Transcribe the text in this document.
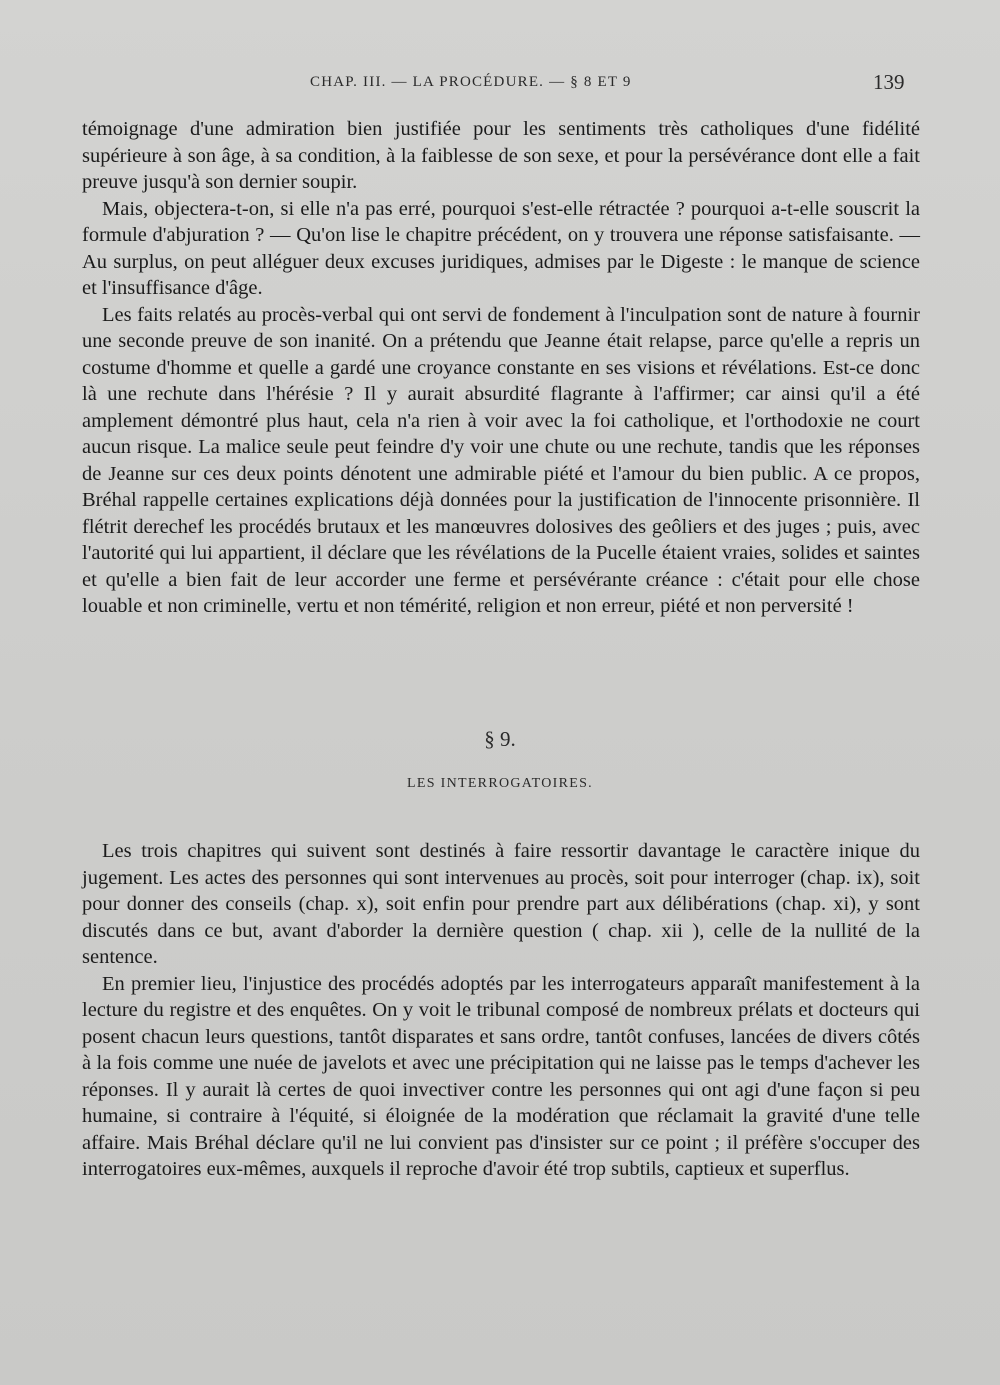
CHAP. III. — LA PROCÉDURE. — § 8 ET 9	139

témoignage d'une admiration bien justifiée pour les sentiments très catholiques d'une fidélité supérieure à son âge, à sa condition, à la faiblesse de son sexe, et pour la persévérance dont elle a fait preuve jusqu'à son dernier soupir.

Mais, objectera-t-on, si elle n'a pas erré, pourquoi s'est-elle rétractée ? pourquoi a-t-elle souscrit la formule d'abjuration ? — Qu'on lise le chapitre précédent, on y trouvera une réponse satisfaisante. — Au surplus, on peut alléguer deux excuses juridiques, admises par le Digeste : le manque de science et l'insuffisance d'âge.

Les faits relatés au procès-verbal qui ont servi de fondement à l'inculpation sont de nature à fournir une seconde preuve de son inanité. On a prétendu que Jeanne était relapse, parce qu'elle a repris un costume d'homme et quelle a gardé une croyance constante en ses visions et révélations. Est-ce donc là une rechute dans l'hérésie ? Il y aurait absurdité flagrante à l'affirmer; car ainsi qu'il a été amplement démontré plus haut, cela n'a rien à voir avec la foi catholique, et l'orthodoxie ne court aucun risque. La malice seule peut feindre d'y voir une chute ou une rechute, tandis que les réponses de Jeanne sur ces deux points dénotent une admirable piété et l'amour du bien public. A ce propos, Bréhal rappelle certaines explications déjà données pour la justification de l'innocente prisonnière. Il flétrit derechef les procédés brutaux et les manœuvres dolosives des geôliers et des juges ; puis, avec l'autorité qui lui appartient, il déclare que les révélations de la Pucelle étaient vraies, solides et saintes et qu'elle a bien fait de leur accorder une ferme et persévérante créance : c'était pour elle chose louable et non criminelle, vertu et non témérité, religion et non erreur, piété et non perversité !

§ 9.
LES INTERROGATOIRES.

Les trois chapitres qui suivent sont destinés à faire ressortir davantage le caractère inique du jugement. Les actes des personnes qui sont intervenues au procès, soit pour interroger (chap. ix), soit pour donner des conseils (chap. x), soit enfin pour prendre part aux délibérations (chap. xi), y sont discutés dans ce but, avant d'aborder la dernière question ( chap. xii ), celle de la nullité de la sentence.

En premier lieu, l'injustice des procédés adoptés par les interrogateurs apparaît manifestement à la lecture du registre et des enquêtes. On y voit le tribunal composé de nombreux prélats et docteurs qui posent chacun leurs questions, tantôt disparates et sans ordre, tantôt confuses, lancées de divers côtés à la fois comme une nuée de javelots et avec une précipitation qui ne laisse pas le temps d'achever les réponses. Il y aurait là certes de quoi invectiver contre les personnes qui ont agi d'une façon si peu humaine, si contraire à l'équité, si éloignée de la modération que réclamait la gravité d'une telle affaire. Mais Bréhal déclare qu'il ne lui convient pas d'insister sur ce point ; il préfère s'occuper des interrogatoires eux-mêmes, auxquels il reproche d'avoir été trop subtils, captieux et superflus.
